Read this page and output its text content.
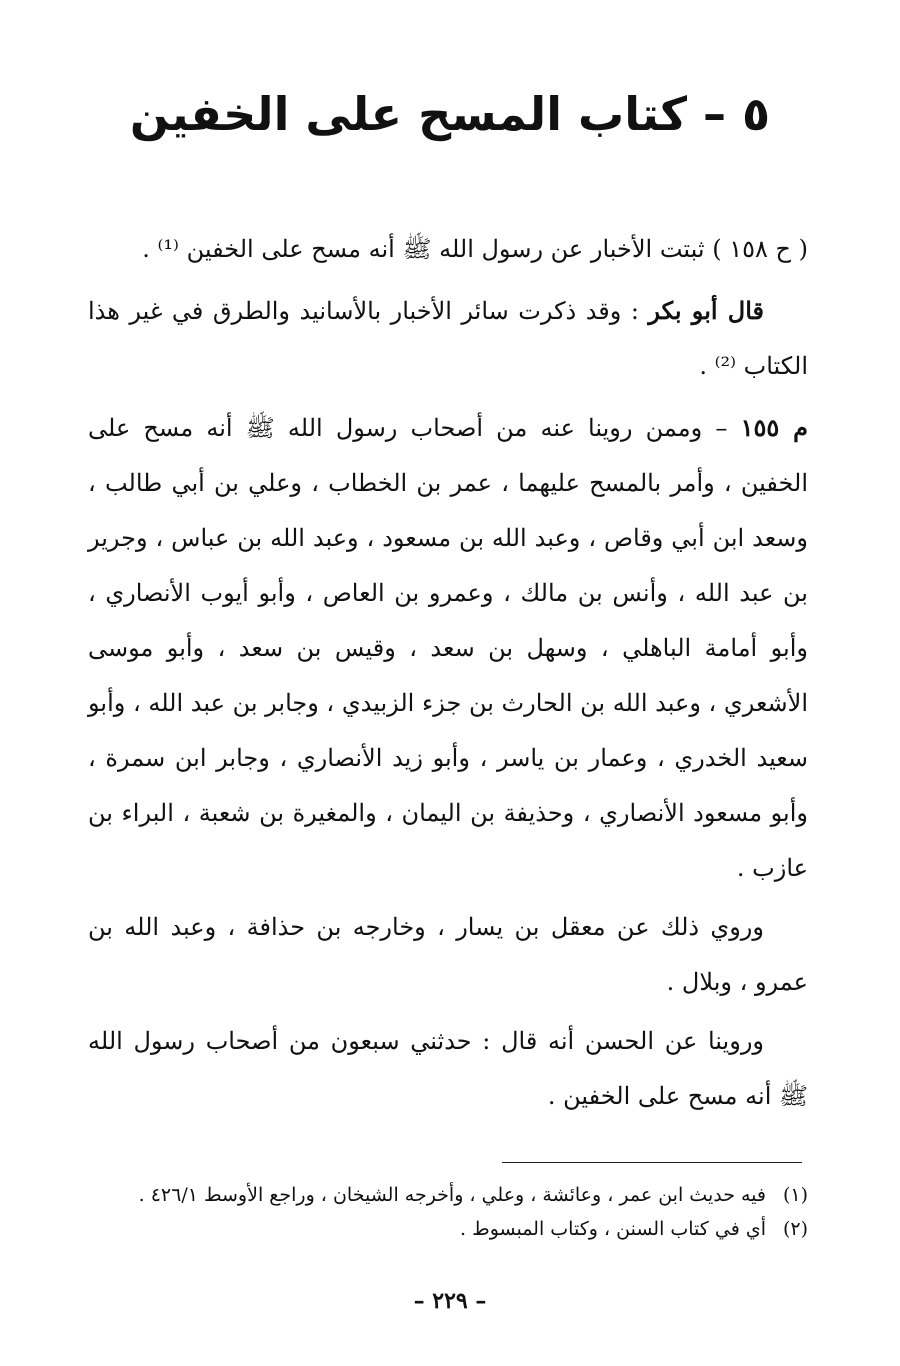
٥ – كتاب المسح على الخفين

( ح ١٥٨ ) ثبتت الأخبار عن رسول الله ﷺ أنه مسح على الخفين ⁽¹⁾ .

قال أبو بكر : وقد ذكرت سائر الأخبار بالأسانيد والطرق في غير هذا الكتاب ⁽²⁾ .

م ١٥٥ – وممن روينا عنه من أصحاب رسول الله ﷺ أنه مسح على الخفين ، وأمر بالمسح عليهما ، عمر بن الخطاب ، وعلي بن أبي طالب ، وسعد ابن أبي وقاص ، وعبد الله بن مسعود ، وعبد الله بن عباس ، وجرير بن عبد الله ، وأنس بن مالك ، وعمرو بن العاص ، وأبو أيوب الأنصاري ، وأبو أمامة الباهلي ، وسهل بن سعد ، وقيس بن سعد ، وأبو موسى الأشعري ، وعبد الله بن الحارث بن جزء الزبيدي ، وجابر بن عبد الله ، وأبو سعيد الخدري ، وعمار بن ياسر ، وأبو زيد الأنصاري ، وجابر ابن سمرة ، وأبو مسعود الأنصاري ، وحذيفة بن اليمان ، والمغيرة بن شعبة ، البراء بن عازب .

وروي ذلك عن معقل بن يسار ، وخارجه بن حذافة ، وعبد الله بن عمرو ، وبلال .

وروينا عن الحسن أنه قال : حدثني سبعون من أصحاب رسول الله ﷺ أنه مسح على الخفين .

(١)فيه حديث ابن عمر ، وعائشة ، وعلي ، وأخرجه الشيخان ، وراجع الأوسط ٤٢٦/١ .

(٢)أي في كتاب السنن ، وكتاب المبسوط .

– ٢٢٩ –
